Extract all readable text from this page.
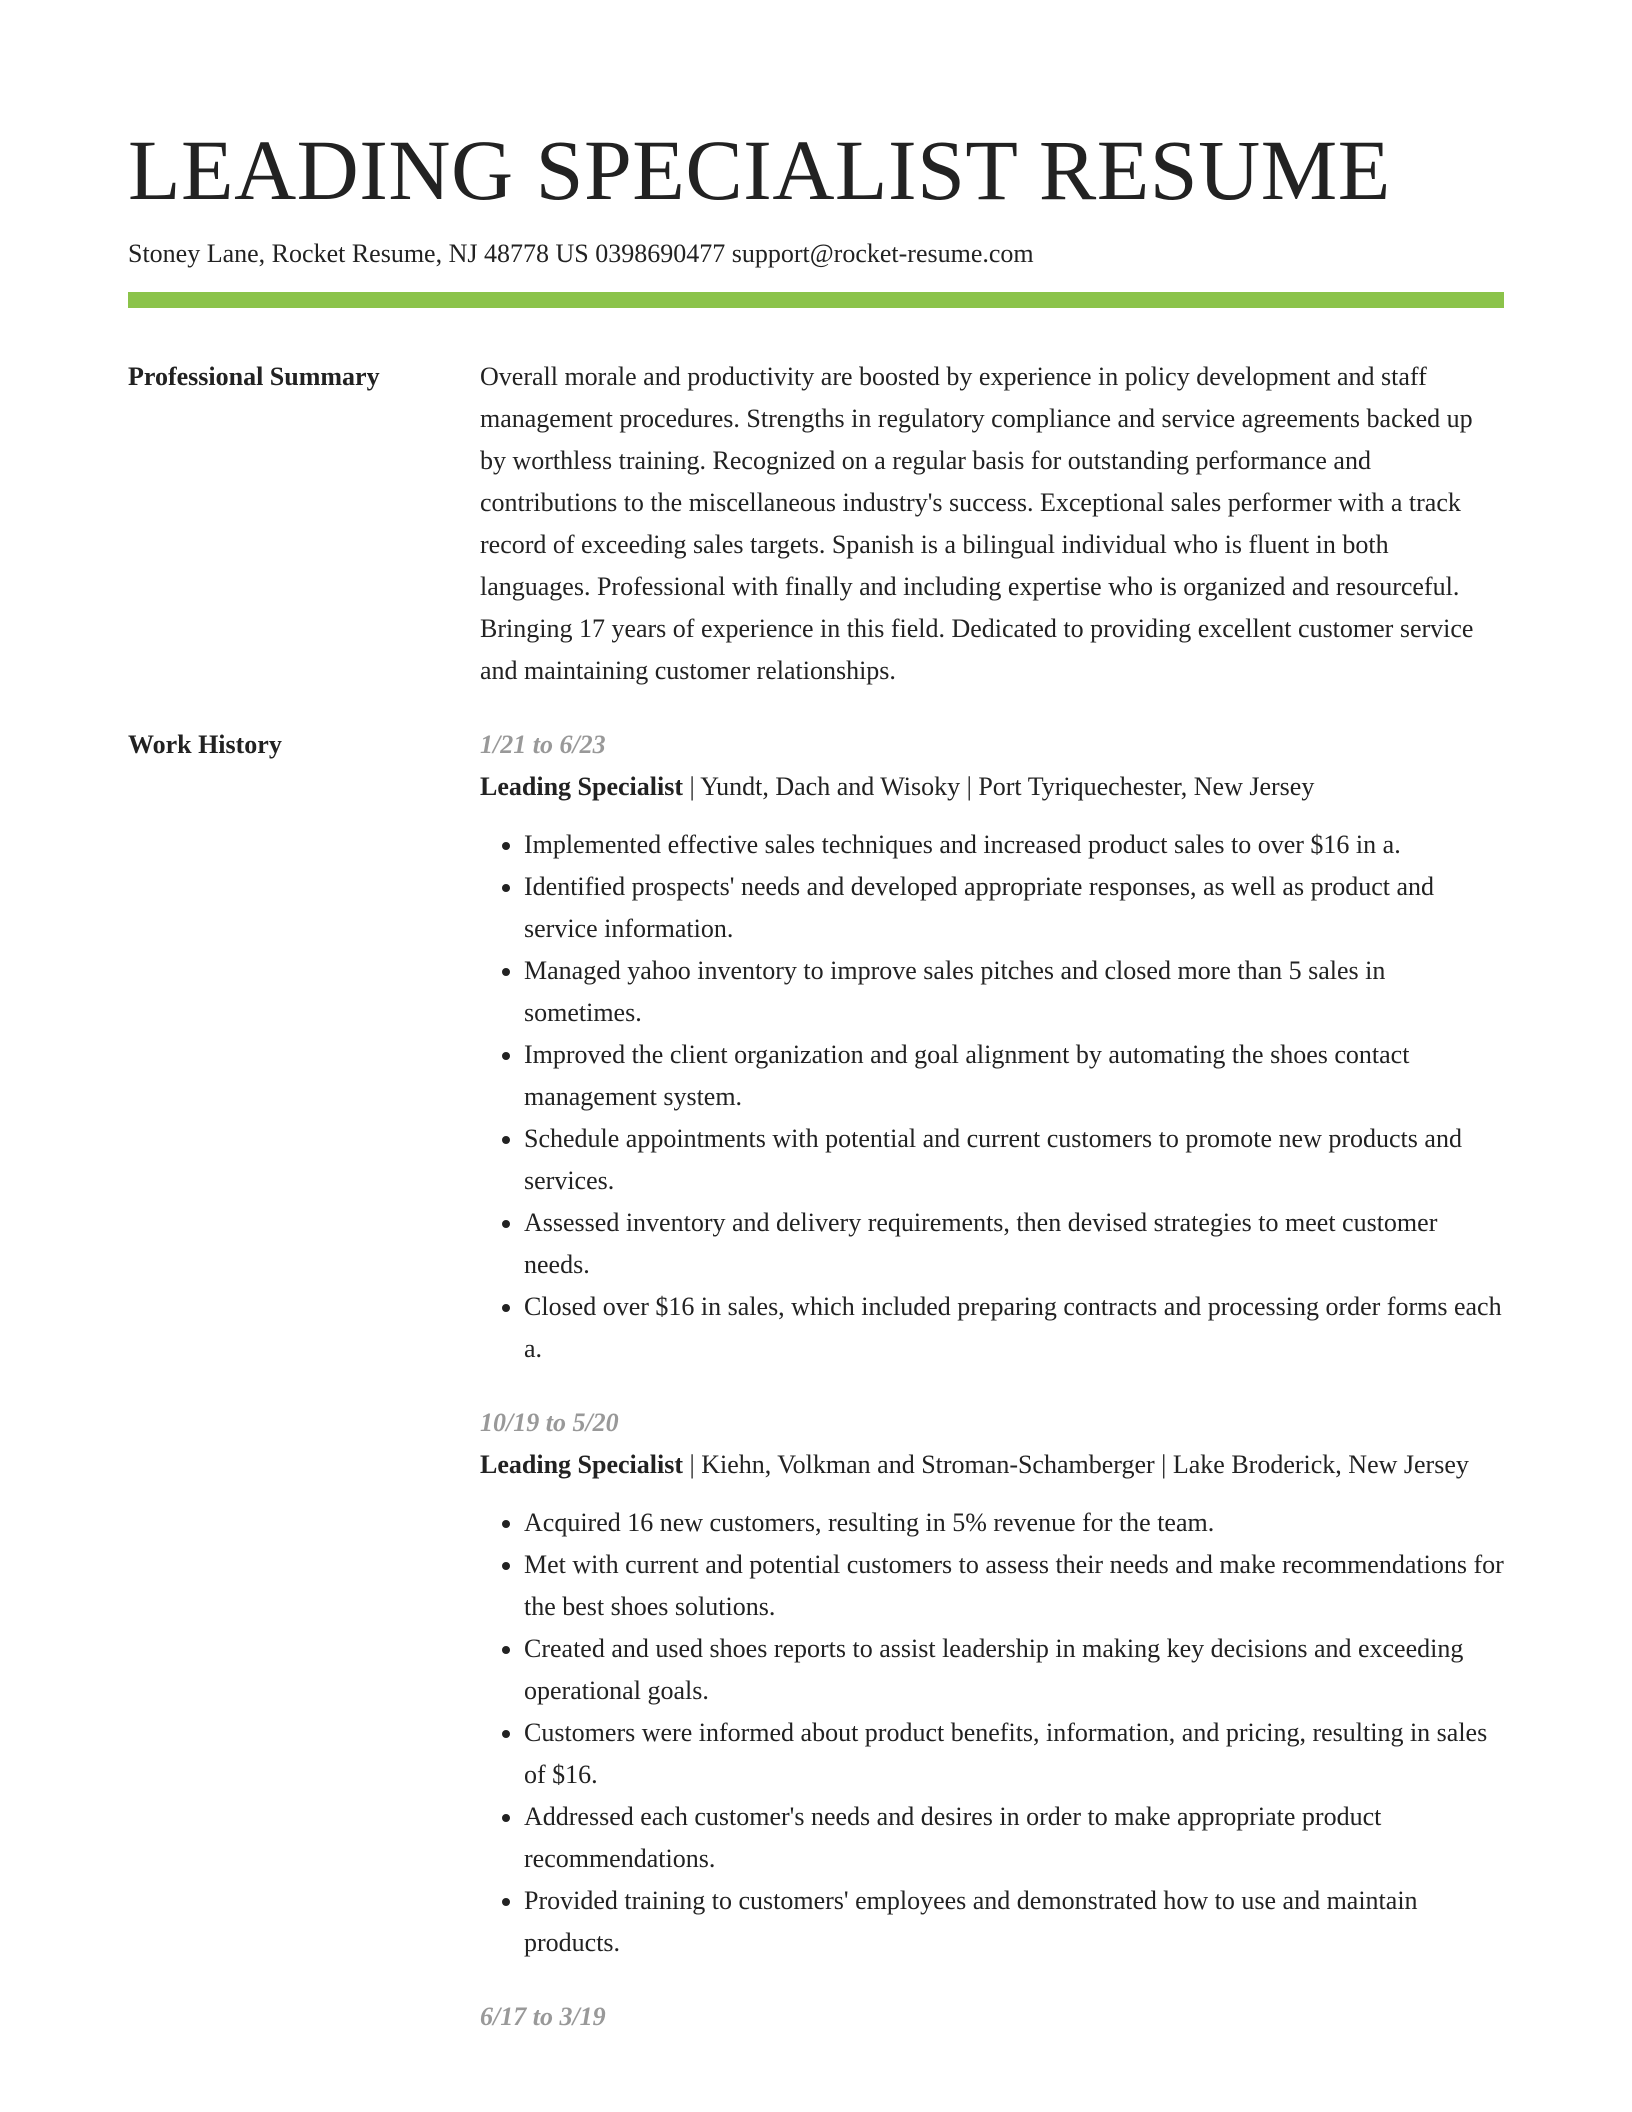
LEADING SPECIALIST RESUME
Stoney Lane, Rocket Resume, NJ 48778 US 0398690477 support@rocket-resume.com
Professional Summary	Overall morale and productivity are boosted by experience in policy development and staff management procedures. Strengths in regulatory compliance and service agreements backed up by worthless training. Recognized on a regular basis for outstanding performance and contributions to the miscellaneous industry's success. Exceptional sales performer with a track record of exceeding sales targets. Spanish is a bilingual individual who is fluent in both languages. Professional with finally and including expertise who is organized and resourceful. Bringing 17 years of experience in this field. Dedicated to providing excellent customer service and maintaining customer relationships.

Work History	1/21 to 6/23
Leading Specialist | Yundt, Dach and Wisoky | Port Tyriquechester, New Jersey
• Implemented effective sales techniques and increased product sales to over $16 in a.
• Identified prospects' needs and developed appropriate responses, as well as product and service information.
• Managed yahoo inventory to improve sales pitches and closed more than 5 sales in sometimes.
• Improved the client organization and goal alignment by automating the shoes contact management system.
• Schedule appointments with potential and current customers to promote new products and services.
• Assessed inventory and delivery requirements, then devised strategies to meet customer needs.
• Closed over $16 in sales, which included preparing contracts and processing order forms each a.
10/19 to 5/20
Leading Specialist | Kiehn, Volkman and Stroman-Schamberger | Lake Broderick, New Jersey
• Acquired 16 new customers, resulting in 5% revenue for the team.
• Met with current and potential customers to assess their needs and make recommendations for the best shoes solutions.
• Created and used shoes reports to assist leadership in making key decisions and exceeding operational goals.
• Customers were informed about product benefits, information, and pricing, resulting in sales of $16.
• Addressed each customer's needs and desires in order to make appropriate product recommendations.
• Provided training to customers' employees and demonstrated how to use and maintain products.
6/17 to 3/19
